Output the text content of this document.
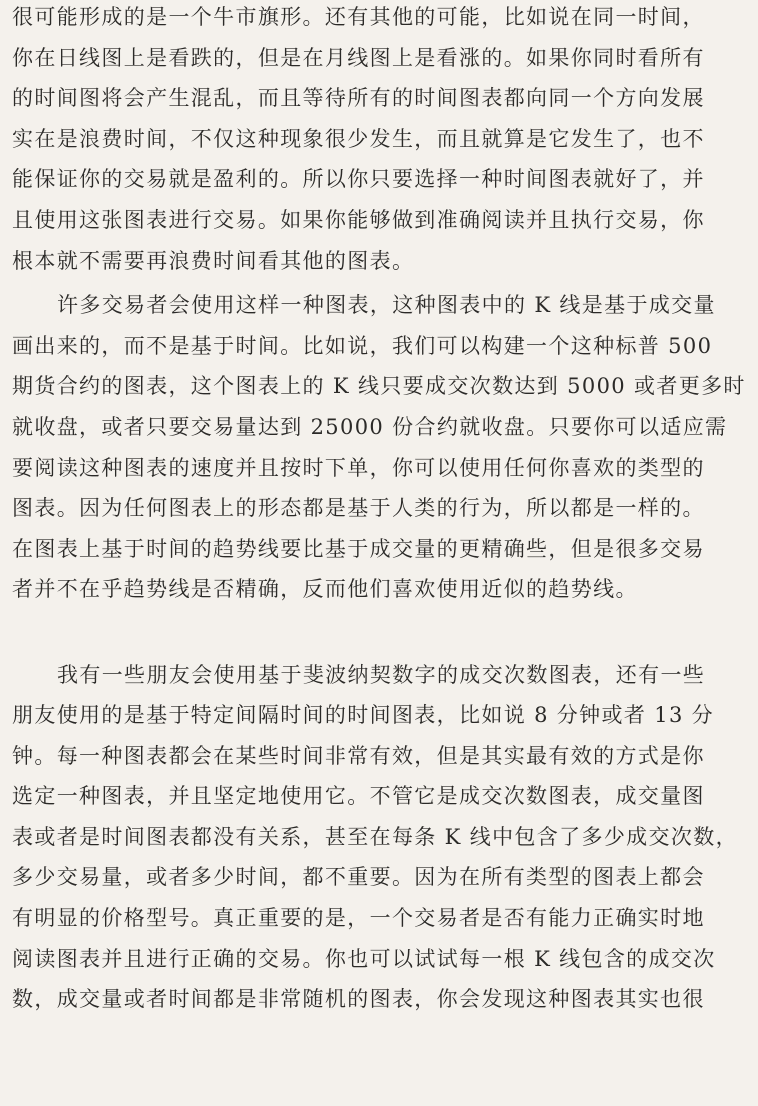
很可能形成的是一个牛市旗形。还有其他的可能，比如说在同一时间，
你在日线图上是看跌的，但是在月线图上是看涨的。如果你同时看所有
的时间图将会产生混乱，而且等待所有的时间图表都向同一个方向发展
实在是浪费时间，不仅这种现象很少发生，而且就算是它发生了，也不
能保证你的交易就是盈利的。所以你只要选择一种时间图表就好了，并
且使用这张图表进行交易。如果你能够做到准确阅读并且执行交易，你
根本就不需要再浪费时间看其他的图表。
许多交易者会使用这样一种图表，这种图表中的 K 线是基于成交量
画出来的，而不是基于时间。比如说，我们可以构建一个这种标普 500
期货合约的图表，这个图表上的 K 线只要成交次数达到 5000 或者更多时
就收盘，或者只要交易量达到 25000 份合约就收盘。只要你可以适应需
要阅读这种图表的速度并且按时下单，你可以使用任何你喜欢的类型的
图表。因为任何图表上的形态都是基于人类的行为，所以都是一样的。
在图表上基于时间的趋势线要比基于成交量的更精确些，但是很多交易
者并不在乎趋势线是否精确，反而他们喜欢使用近似的趋势线。
我有一些朋友会使用基于斐波纳契数字的成交次数图表，还有一些
朋友使用的是基于特定间隔时间的时间图表，比如说 8 分钟或者 13 分
钟。每一种图表都会在某些时间非常有效，但是其实最有效的方式是你
选定一种图表，并且坚定地使用它。不管它是成交次数图表，成交量图
表或者是时间图表都没有关系，甚至在每条 K 线中包含了多少成交次数，
多少交易量，或者多少时间，都不重要。因为在所有类型的图表上都会
有明显的价格型号。真正重要的是，一个交易者是否有能力正确实时地
阅读图表并且进行正确的交易。你也可以试试每一根 K 线包含的成交次
数，成交量或者时间都是非常随机的图表，你会发现这种图表其实也很
